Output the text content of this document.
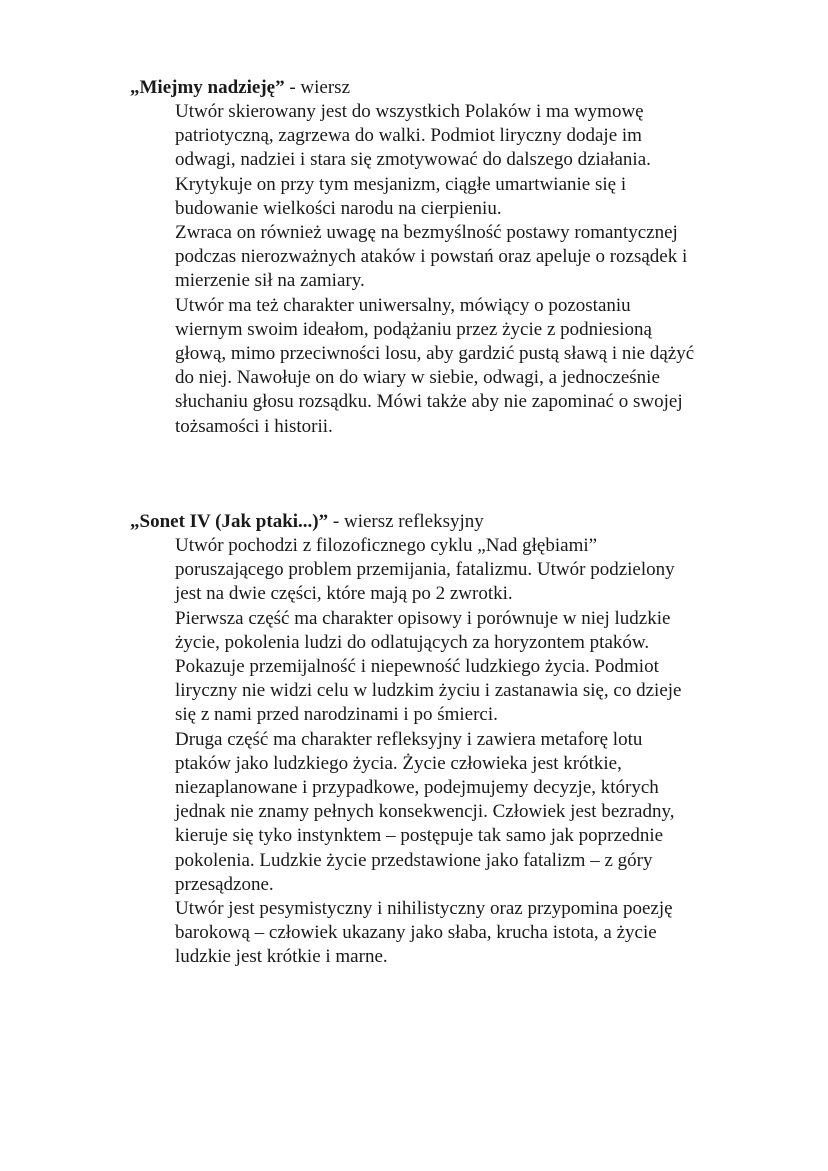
„Miejmy nadzieję” - wiersz

Utwór skierowany jest do wszystkich Polaków i ma wymowę
patriotyczną, zagrzewa do walki. Podmiot liryczny dodaje im
odwagi, nadziei i stara się zmotywować do dalszego działania.
Krytykuje on przy tym mesjanizm, ciągłe umartwianie się i
budowanie wielkości narodu na cierpieniu.

Zwraca on również uwagę na bezmyślność postawy romantycznej
podczas nierozważnych ataków i powstań oraz apeluje o rozsądek i
mierzenie sił na zamiary.

Utwór ma też charakter uniwersalny, mówiący o pozostaniu
wiernym swoim ideałom, podążaniu przez życie z podniesioną
głową, mimo przeciwności losu, aby gardzić pustą sławą i nie dążyć
do niej. Nawołuje on do wiary w siebie, odwagi, a jednocześnie
słuchaniu głosu rozsądku. Mówi także aby nie zapominać o swojej
tożsamości i historii.

„Sonet IV (Jak ptaki...)” - wiersz refleksyjny

Utwór pochodzi z filozoficznego cyklu „Nad głębiami”
poruszającego problem przemijania, fatalizmu. Utwór podzielony
jest na dwie części, które mają po 2 zwrotki.

Pierwsza część ma charakter opisowy i porównuje w niej ludzkie
życie, pokolenia ludzi do odlatujących za horyzontem ptaków.
Pokazuje przemijalność i niepewność ludzkiego życia. Podmiot
liryczny nie widzi celu w ludzkim życiu i zastanawia się, co dzieje
się z nami przed narodzinami i po śmierci.

Druga część ma charakter refleksyjny i zawiera metaforę lotu
ptaków jako ludzkiego życia. Życie człowieka jest krótkie,
niezaplanowane i przypadkowe, podejmujemy decyzje, których
jednak nie znamy pełnych konsekwencji. Człowiek jest bezradny,
kieruje się tyko instynktem – postępuje tak samo jak poprzednie
pokolenia. Ludzkie życie przedstawione jako fatalizm – z góry
przesądzone.

Utwór jest pesymistyczny i nihilistyczny oraz przypomina poezję
barokową – człowiek ukazany jako słaba, krucha istota, a życie
ludzkie jest krótkie i marne.
